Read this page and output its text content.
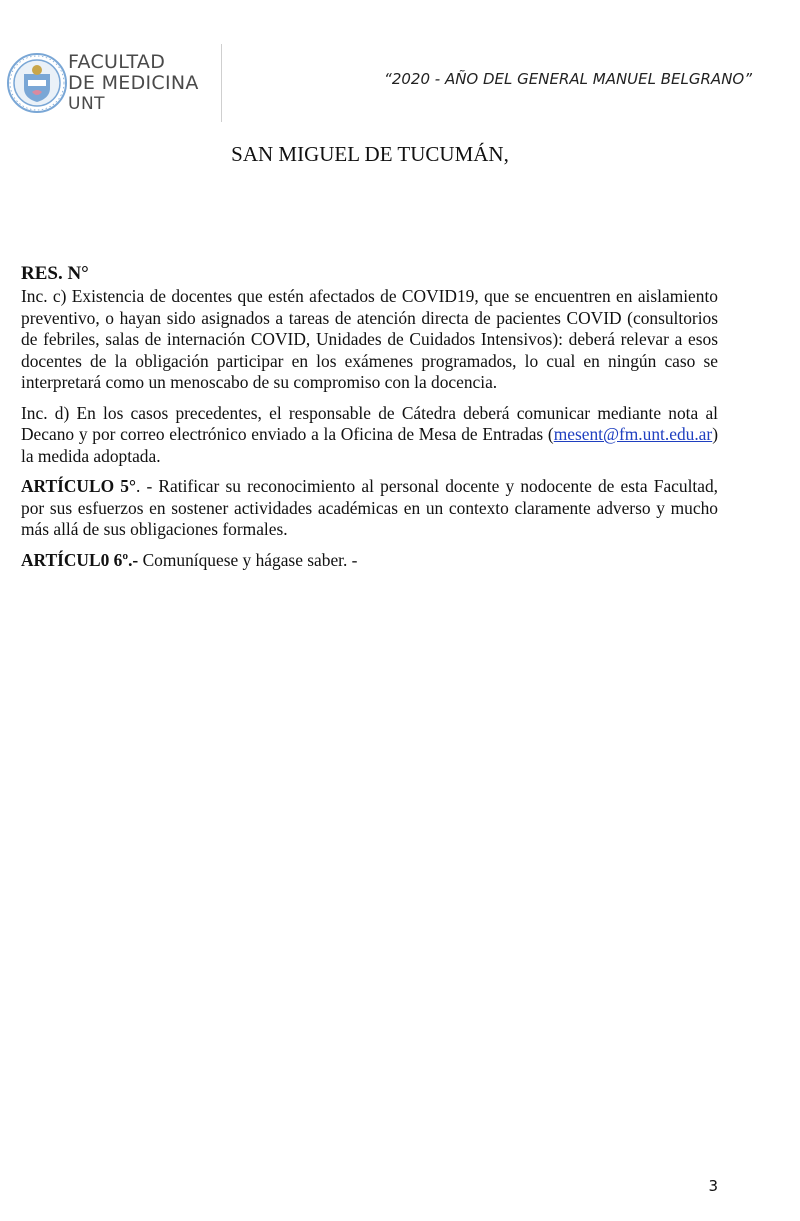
FACULTAD
DE MEDICINA
UNT
“2020 - AÑO DEL GENERAL MANUEL BELGRANO”
SAN MIGUEL DE TUCUMÁN,

RES. N°

Inc. c) Existencia de docentes que estén afectados de COVID19, que se encuentren en aislamiento preventivo, o hayan sido asignados a tareas de atención directa de pacientes COVID (consultorios de febriles, salas de internación COVID, Unidades de Cuidados Intensivos): deberá relevar a esos docentes de la obligación participar en los exámenes programados, lo cual en ningún caso se interpretará como un menoscabo de su compromiso con la docencia.

Inc. d) En los casos precedentes, el responsable de Cátedra deberá comunicar mediante nota al Decano y por correo electrónico enviado a la Oficina de Mesa de Entradas (mesent@fm.unt.edu.ar) la medida adoptada.

ARTÍCULO 5°. - Ratificar su reconocimiento al personal docente y nodocente de esta Facultad, por sus esfuerzos en sostener actividades académicas en un contexto claramente adverso y mucho más allá de sus obligaciones formales.

ARTÍCUL0 6º.- Comuníquese y hágase saber. -

3
